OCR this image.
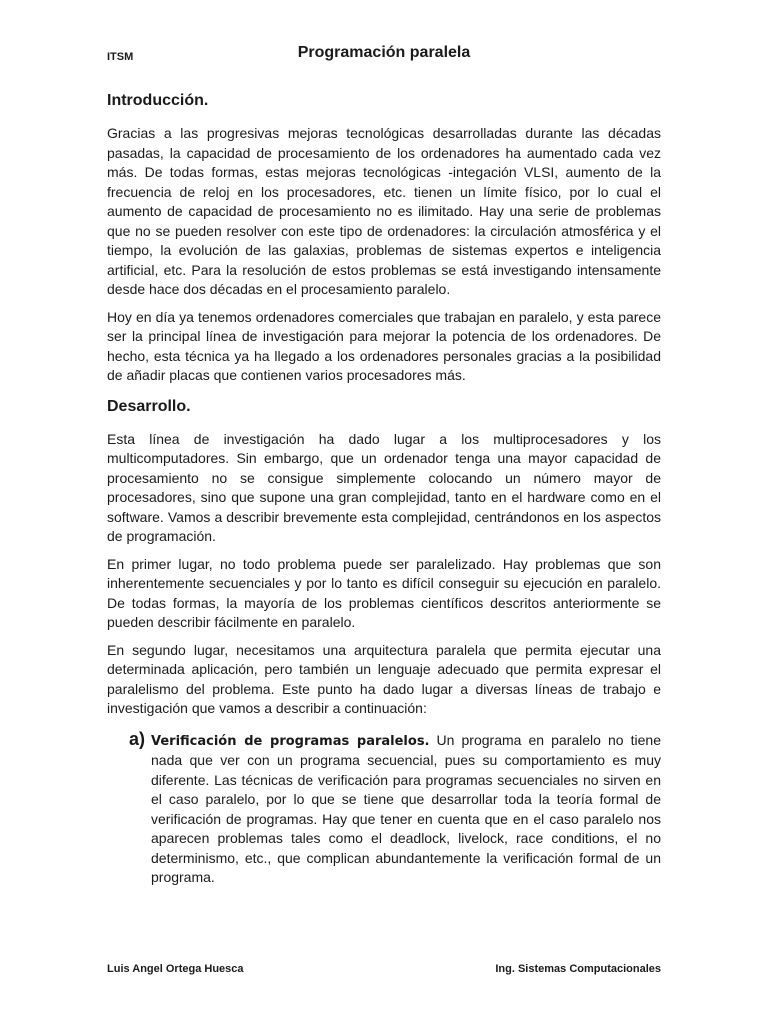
ITSM	Programación paralela
Introducción.

Gracias a las progresivas mejoras tecnológicas desarrolladas durante las décadas pasadas, la capacidad de procesamiento de los ordenadores ha aumentado cada vez más. De todas formas, estas mejoras tecnológicas -integación VLSI, aumento de la frecuencia de reloj en los procesadores, etc. tienen un límite físico, por lo cual el aumento de capacidad de procesamiento no es ilimitado. Hay una serie de problemas que no se pueden resolver con este tipo de ordenadores: la circulación atmosférica y el tiempo, la evolución de las galaxias, problemas de sistemas expertos e inteligencia artificial, etc. Para la resolución de estos problemas se está investigando intensamente desde hace dos décadas en el procesamiento paralelo.

Hoy en día ya tenemos ordenadores comerciales que trabajan en paralelo, y esta parece ser la principal línea de investigación para mejorar la potencia de los ordenadores. De hecho, esta técnica ya ha llegado a los ordenadores personales gracias a la posibilidad de añadir placas que contienen varios procesadores más.

Desarrollo.

Esta línea de investigación ha dado lugar a los multiprocesadores y los multicomputadores. Sin embargo, que un ordenador tenga una mayor capacidad de procesamiento no se consigue simplemente colocando un número mayor de procesadores, sino que supone una gran complejidad, tanto en el hardware como en el software. Vamos a describir brevemente esta complejidad, centrándonos en los aspectos de programación.

En primer lugar, no todo problema puede ser paralelizado. Hay problemas que son inherentemente secuenciales y por lo tanto es difícil conseguir su ejecución en paralelo. De todas formas, la mayoría de los problemas científicos descritos anteriormente se pueden describir fácilmente en paralelo.

En segundo lugar, necesitamos una arquitectura paralela que permita ejecutar una determinada aplicación, pero también un lenguaje adecuado que permita expresar el paralelismo del problema. Este punto ha dado lugar a diversas líneas de trabajo e investigación que vamos a describir a continuación:

a) Verificación de programas paralelos. Un programa en paralelo no tiene nada que ver con un programa secuencial, pues su comportamiento es muy diferente. Las técnicas de verificación para programas secuenciales no sirven en el caso paralelo, por lo que se tiene que desarrollar toda la teoría formal de verificación de programas. Hay que tener en cuenta que en el caso paralelo nos aparecen problemas tales como el deadlock, livelock, race conditions, el no determinismo, etc., que complican abundantemente la verificación formal de un programa.

Luis Angel Ortega Huesca	Ing. Sistemas Computacionales
